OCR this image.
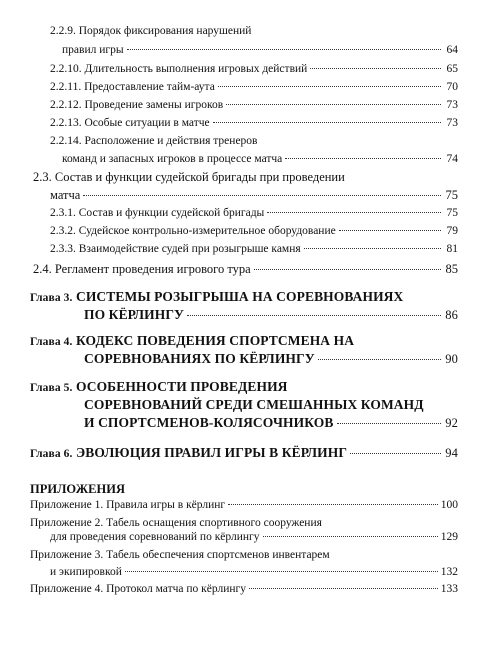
2.2.9. Порядок фиксирования нарушений
правил игры	64
2.2.10. Длительность выполнения игровых действий	65
2.2.11. Предоставление тайм-аута	70
2.2.12. Проведение замены игроков	73
2.2.13. Особые ситуации в матче	73
2.2.14. Расположение и действия тренеров
команд и запасных игроков в процессе матча	74
2.3. Состав и функции судейской бригады при проведении
матча	75
2.3.1. Состав и функции судейской бригады	75
2.3.2. Судейское контрольно-измерительное оборудование	79
2.3.3. Взаимодействие судей при розыгрыше камня	81
2.4. Регламент проведения игрового тура	85
Глава 3. СИСТЕМЫ РОЗЫГРЫША НА СОРЕВНОВАНИЯХ
ПО КЁРЛИНГУ	86
Глава 4. КОДЕКС ПОВЕДЕНИЯ СПОРТСМЕНА НА
СОРЕВНОВАНИЯХ ПО КЁРЛИНГУ	90
Глава 5. ОСОБЕННОСТИ ПРОВЕДЕНИЯ
СОРЕВНОВАНИЙ СРЕДИ СМЕШАННЫХ КОМАНД
И СПОРТСМЕНОВ-КОЛЯСОЧНИКОВ	92
Глава 6. ЭВОЛЮЦИЯ ПРАВИЛ ИГРЫ В КЁРЛИНГ	94
ПРИЛОЖЕНИЯ
Приложение 1. Правила игры в кёрлинг	100
Приложение 2. Табель оснащения спортивного сооружения
для проведения соревнований по кёрлингу	129
Приложение 3. Табель обеспечения спортсменов инвентарем
и экипировкой	132
Приложение 4. Протокол матча по кёрлингу	133
